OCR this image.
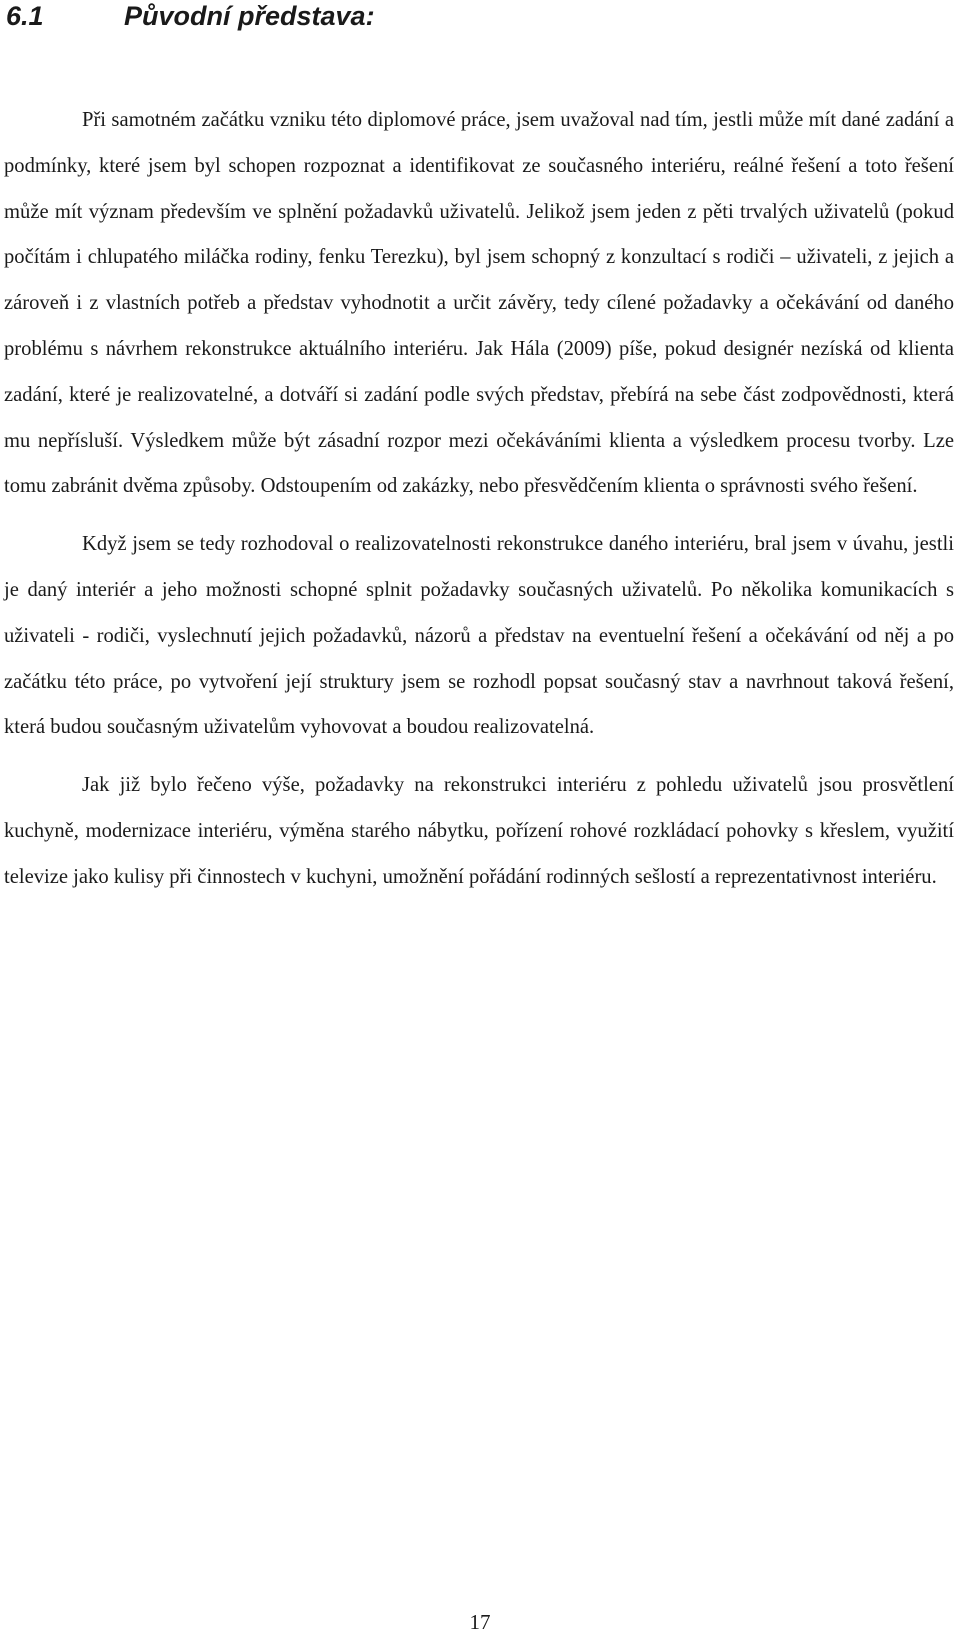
6.1	Původní představa:

Při samotném začátku vzniku této diplomové práce, jsem uvažoval nad tím, jestli může mít dané zadání a podmínky, které jsem byl schopen rozpoznat a identifikovat ze současného interiéru, reálné řešení a toto řešení může mít význam především ve splnění požadavků uživatelů. Jelikož jsem jeden z pěti trvalých uživatelů (pokud počítám i chlupatého miláčka rodiny, fenku Terezku), byl jsem schopný z konzultací s rodiči – uživateli, z jejich a zároveň i z vlastních potřeb a představ vyhodnotit a určit závěry, tedy cílené požadavky a očekávání od daného problému s návrhem rekonstrukce aktuálního interiéru. Jak Hála (2009) píše, pokud designér nezíská od klienta zadání, které je realizovatelné, a dotváří si zadání podle svých představ, přebírá na sebe část zodpovědnosti, která mu nepřísluší. Výsledkem může být zásadní rozpor mezi očekáváními klienta a výsledkem procesu tvorby. Lze tomu zabránit dvěma způsoby. Odstoupením od zakázky, nebo přesvědčením klienta o správnosti svého řešení.

Když jsem se tedy rozhodoval o realizovatelnosti rekonstrukce daného interiéru, bral jsem v úvahu, jestli je daný interiér a jeho možnosti schopné splnit požadavky současných uživatelů. Po několika komunikacích s uživateli - rodiči, vyslechnutí jejich požadavků, názorů a představ na eventuelní řešení a očekávání od něj a po začátku této práce, po vytvoření její struktury jsem se rozhodl popsat současný stav a navrhnout taková řešení, která budou současným uživatelům vyhovovat a boudou realizovatelná.

Jak již bylo řečeno výše, požadavky na rekonstrukci interiéru z pohledu uživatelů jsou prosvětlení kuchyně, modernizace interiéru, výměna starého nábytku, pořízení rohové rozkládací pohovky s křeslem, využití televize jako kulisy při činnostech v kuchyni, umožnění pořádání rodinných sešlostí a reprezentativnost interiéru.

17
